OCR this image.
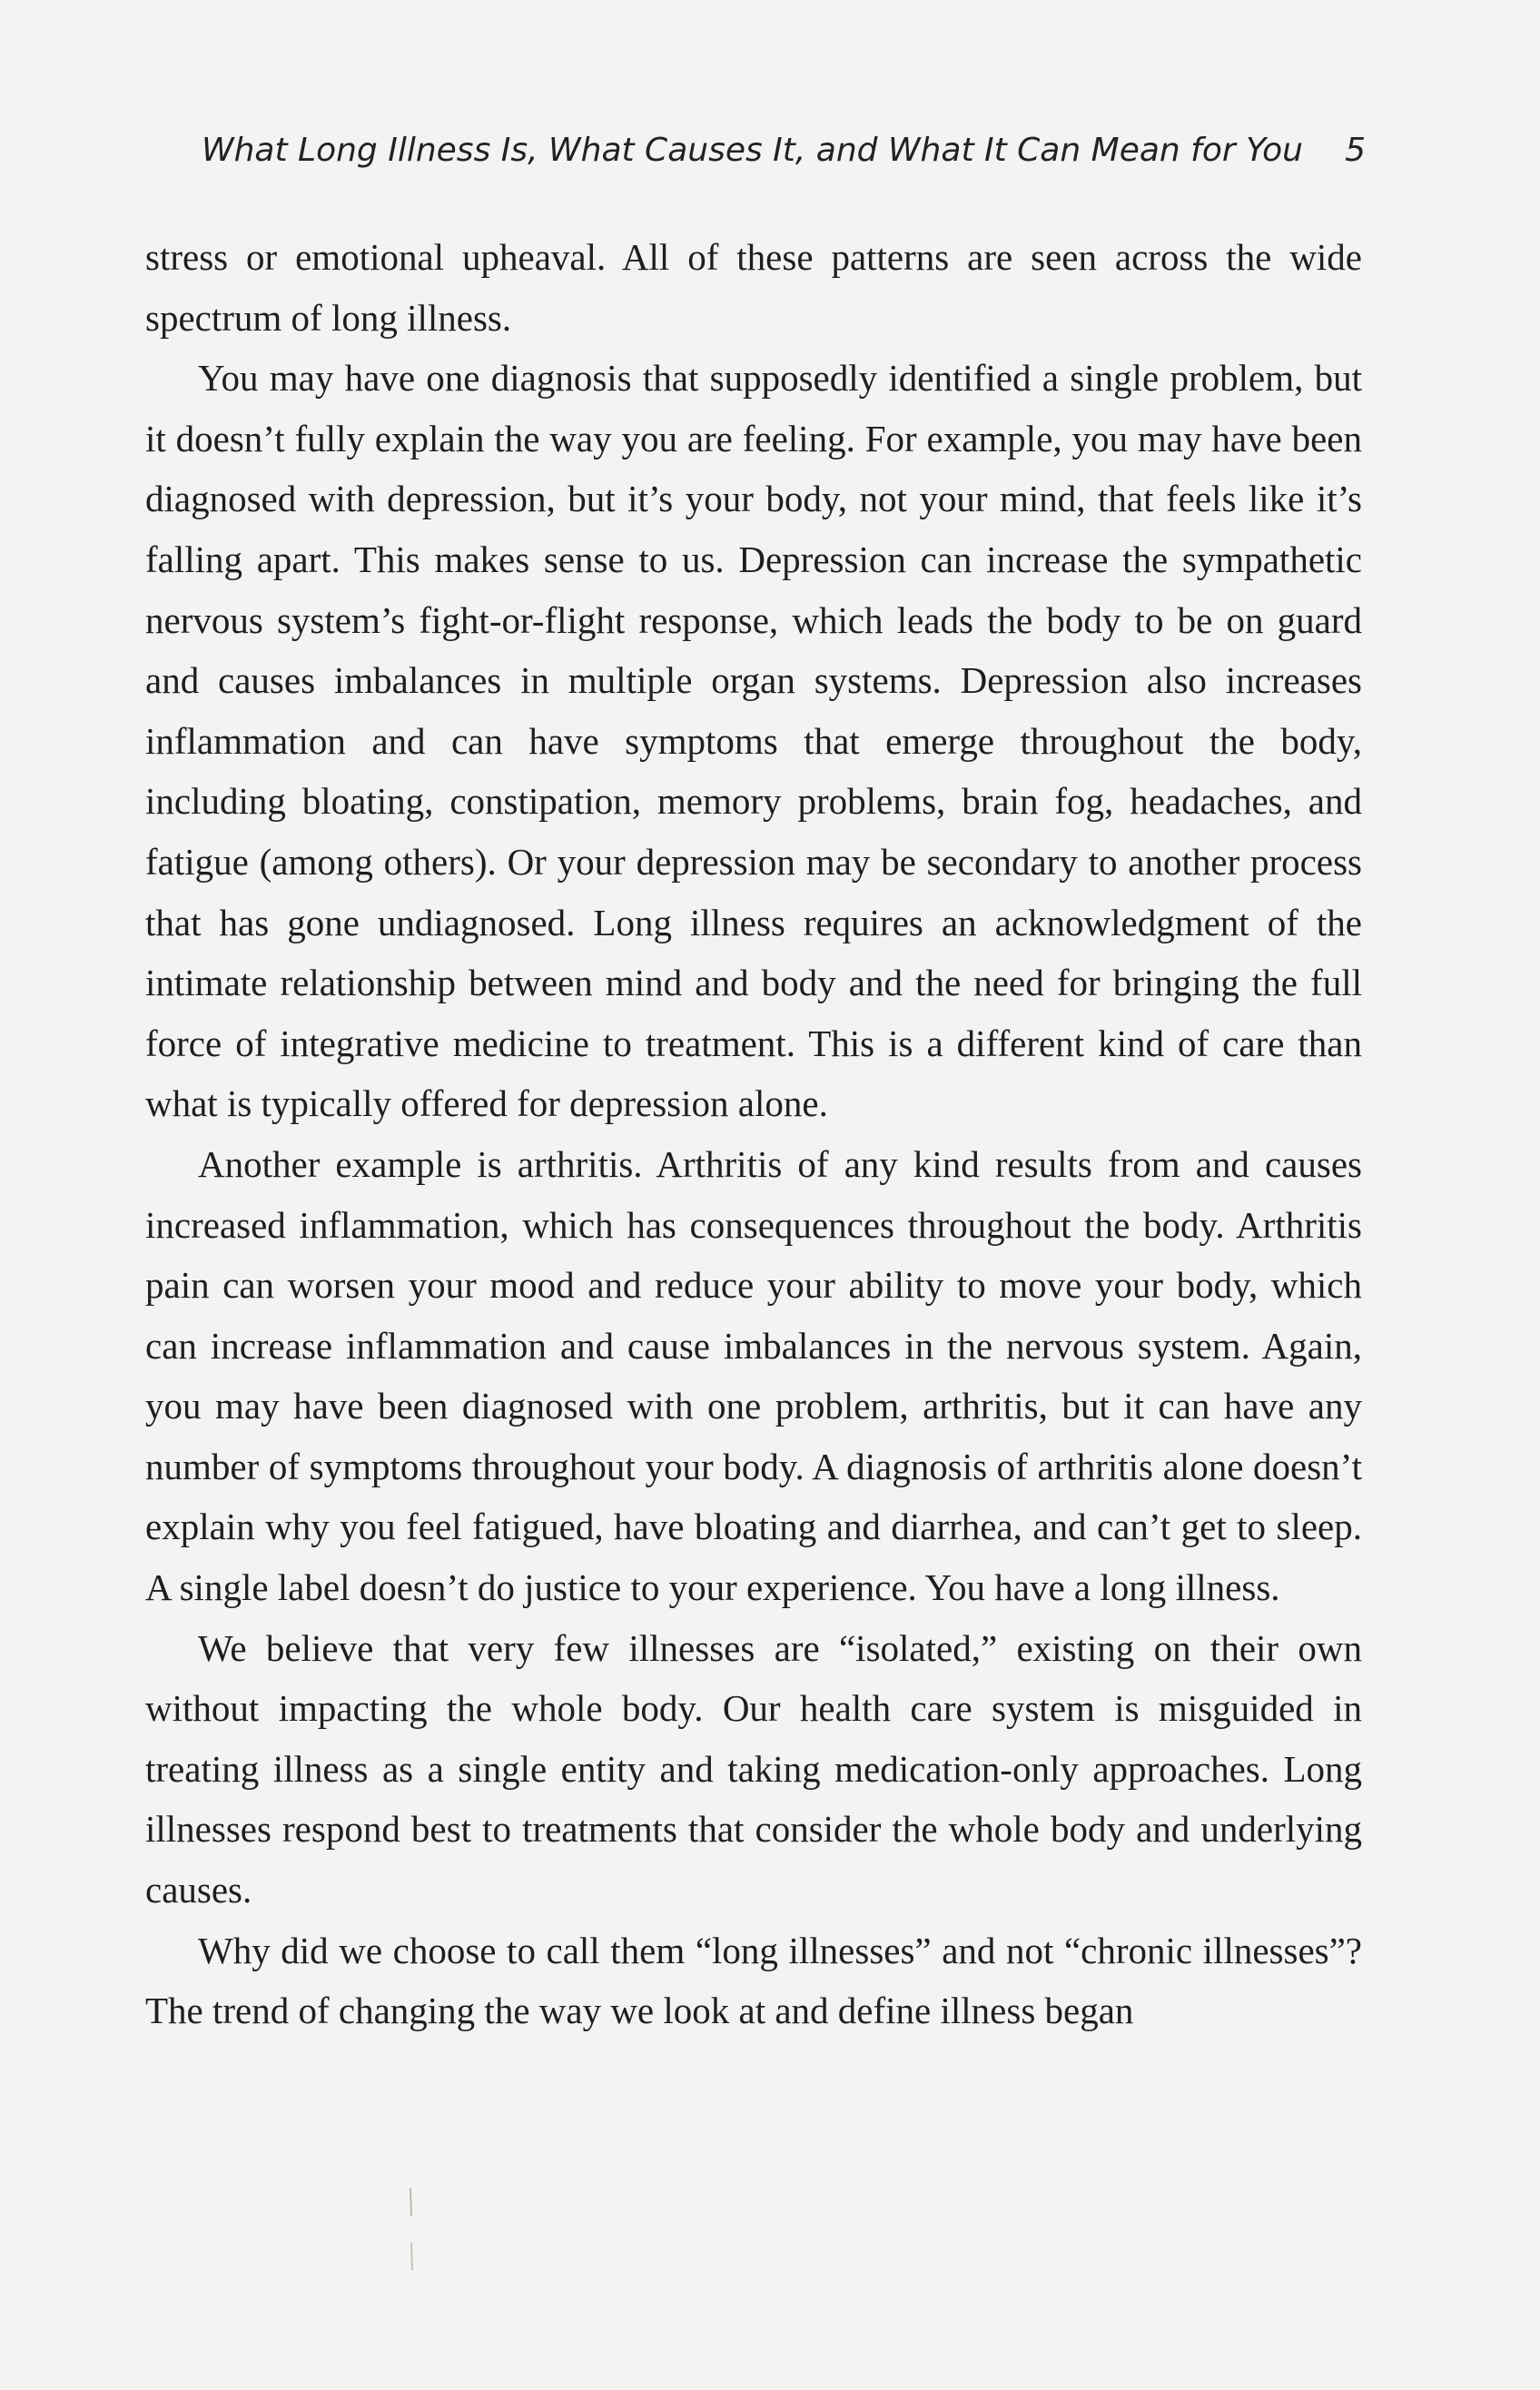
What Long Illness Is, What Causes It, and What It Can Mean for You 5

stress or emotional upheaval. All of these patterns are seen across the wide spectrum of long illness.

You may have one diagnosis that supposedly identified a single problem, but it doesn’t fully explain the way you are feeling. For example, you may have been diagnosed with depression, but it’s your body, not your mind, that feels like it’s falling apart. This makes sense to us. Depression can increase the sympathetic nervous system’s fight-or-flight response, which leads the body to be on guard and causes imbalances in multiple organ systems. Depression also increases inflammation and can have symptoms that emerge throughout the body, including bloating, constipation, memory problems, brain fog, headaches, and fatigue (among others). Or your depression may be secondary to another process that has gone undiagnosed. Long illness requires an acknowledgment of the intimate relationship between mind and body and the need for bringing the full force of integrative medicine to treatment. This is a different kind of care than what is typically offered for depression alone.

Another example is arthritis. Arthritis of any kind results from and causes increased inflammation, which has consequences throughout the body. Arthritis pain can worsen your mood and reduce your ability to move your body, which can increase inflammation and cause imbalances in the nervous system. Again, you may have been diagnosed with one problem, arthritis, but it can have any number of symptoms throughout your body. A diagnosis of arthritis alone doesn’t explain why you feel fatigued, have bloating and diarrhea, and can’t get to sleep. A single label doesn’t do justice to your experience. You have a long illness.

We believe that very few illnesses are “isolated,” existing on their own without impacting the whole body. Our health care system is misguided in treating illness as a single entity and taking medication-only approaches. Long illnesses respond best to treatments that consider the whole body and underlying causes.

Why did we choose to call them “long illnesses” and not “chronic illnesses”? The trend of changing the way we look at and define illness began
